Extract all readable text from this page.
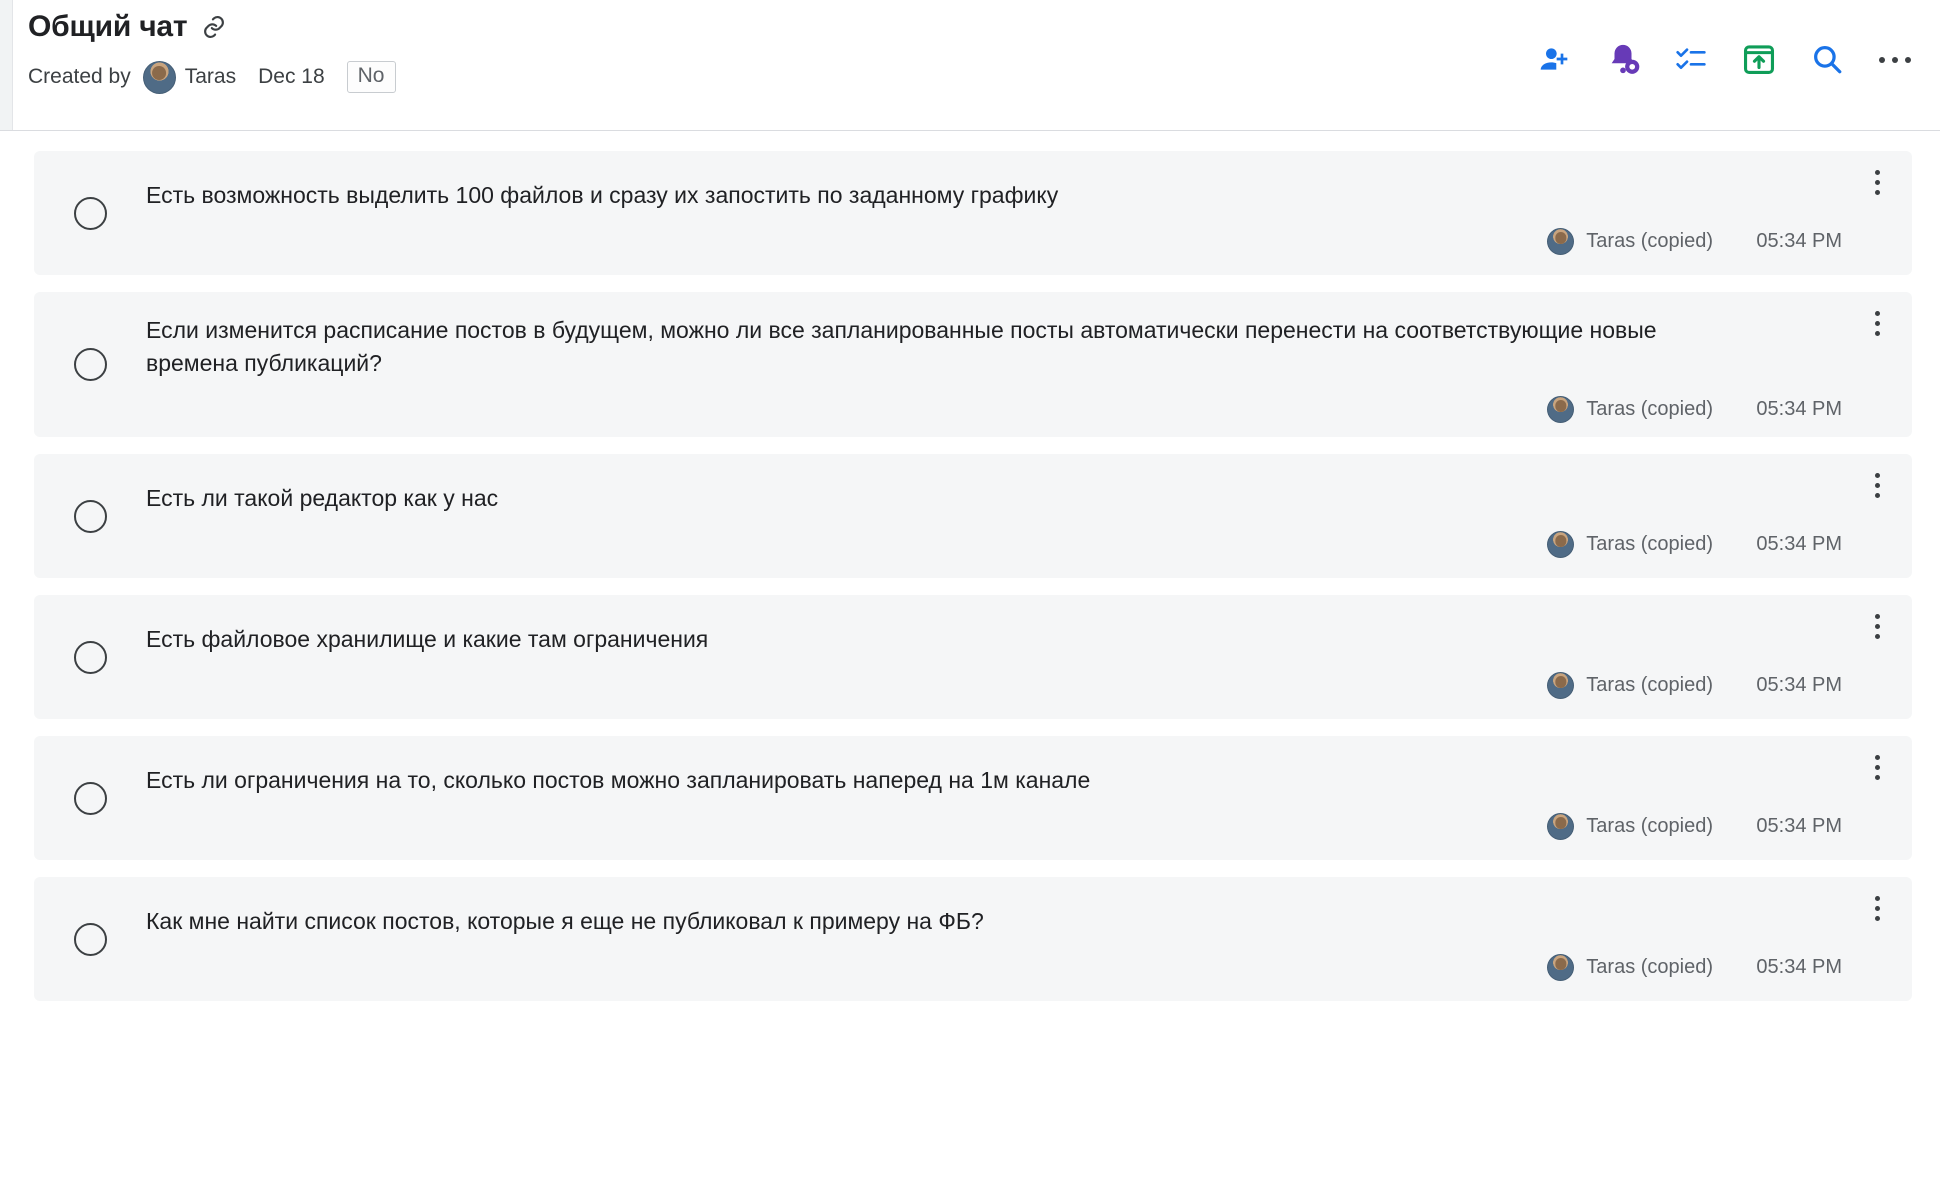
Общий чат
Created by	Taras Dec 18	No
Есть возможность выделить 100 файлов и сразу их запостить по заданному графику
Taras (copied)	05:34 PM
Если изменится расписание постов в будущем, можно ли все запланированные посты автоматически перенести на соответствующие новые времена публикаций?
Taras (copied)	05:34 PM
Есть ли такой редактор как у нас
Taras (copied)	05:34 PM
Есть файловое хранилище и какие там ограничения
Taras (copied)	05:34 PM
Есть ли ограничения на то, сколько постов можно запланировать наперед на 1м канале
Taras (copied)	05:34 PM
Как мне найти список постов, которые я еще не публиковал к примеру на ФБ?
Taras (copied)	05:34 PM
